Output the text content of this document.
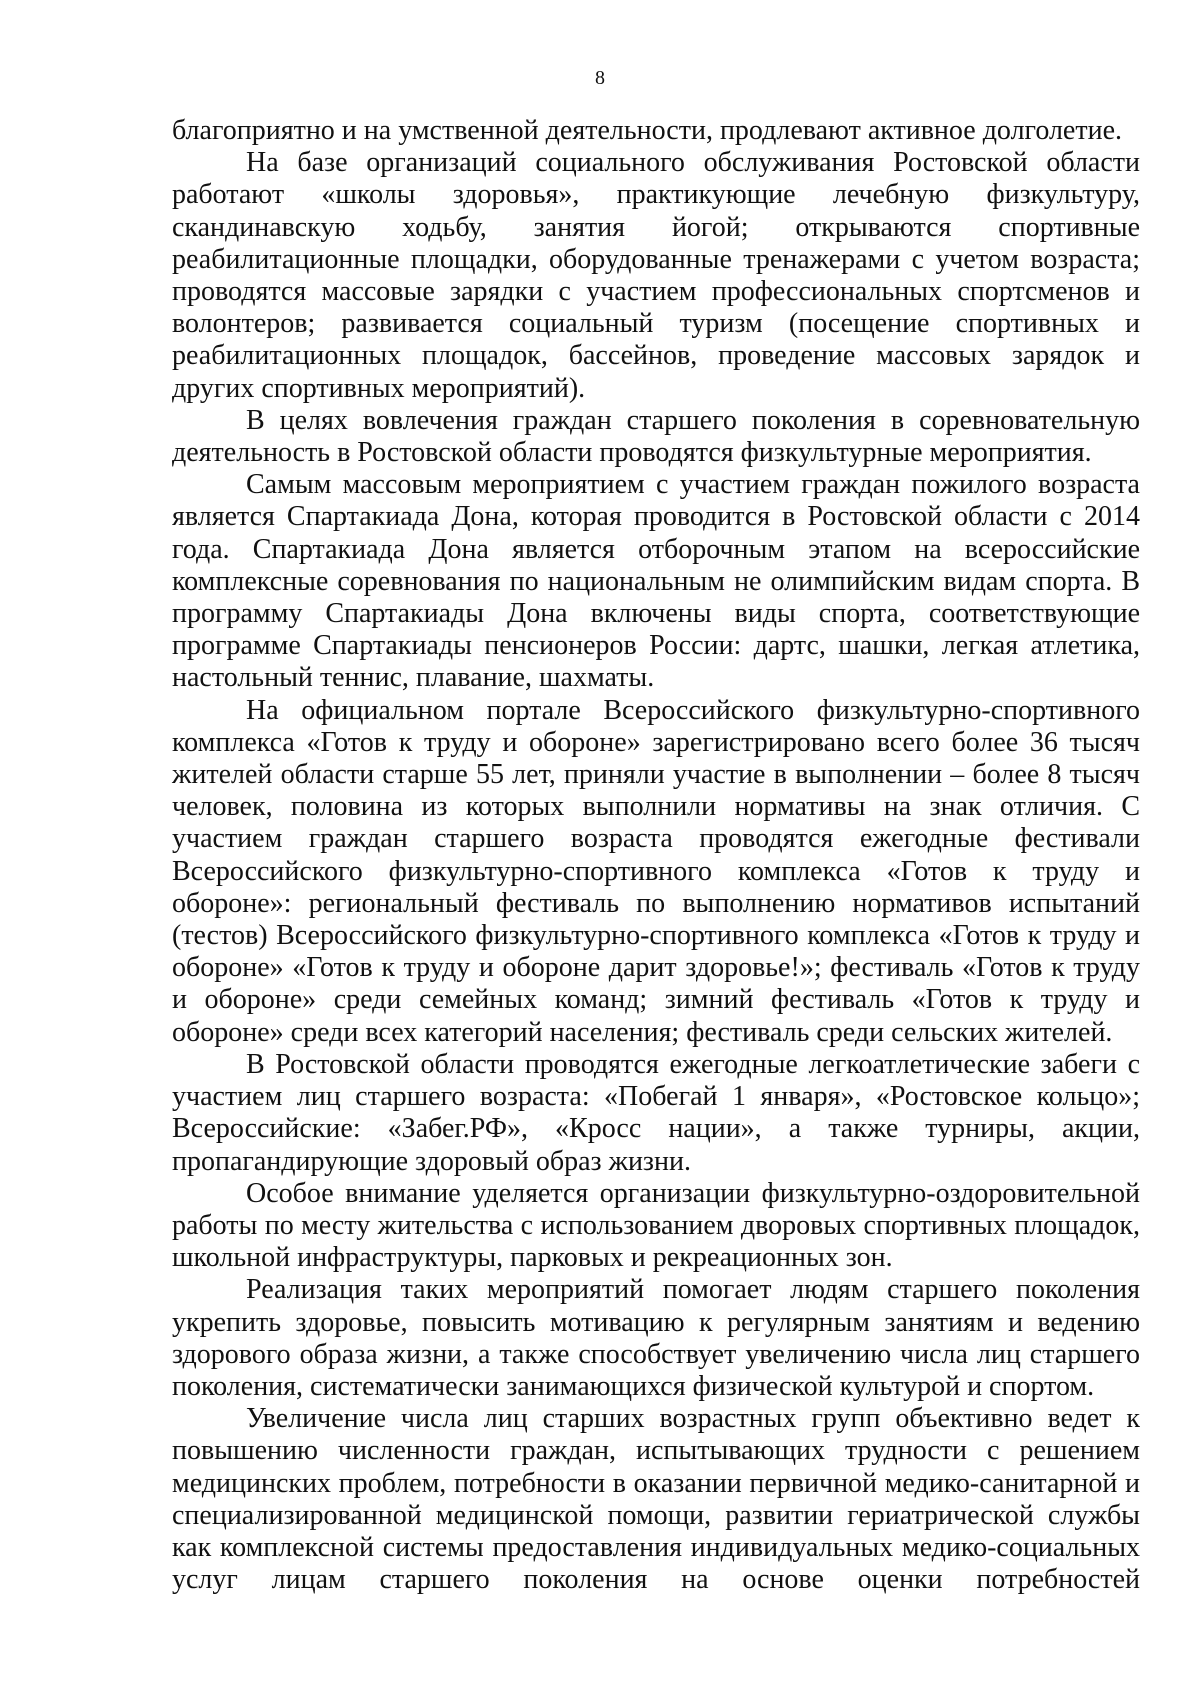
8

благоприятно и на умственной деятельности, продлевают активное долголетие.

На базе организаций социального обслуживания Ростовской области работают «школы здоровья», практикующие лечебную физкультуру, скандинавскую ходьбу, занятия йогой; открываются спортивные реабилитационные площадки, оборудованные тренажерами с учетом возраста; проводятся массовые зарядки с участием профессиональных спортсменов и волонтеров; развивается социальный туризм (посещение спортивных и реабилитационных площадок, бассейнов, проведение массовых зарядок и других спортивных мероприятий).

В целях вовлечения граждан старшего поколения в соревновательную деятельность в Ростовской области проводятся физкультурные мероприятия.

Самым массовым мероприятием с участием граждан пожилого возраста является Спартакиада Дона, которая проводится в Ростовской области с 2014 года. Спартакиада Дона является отборочным этапом на всероссийские комплексные соревнования по национальным не олимпийским видам спорта. В программу Спартакиады Дона включены виды спорта, соответствующие программе Спартакиады пенсионеров России: дартс, шашки, легкая атлетика, настольный теннис, плавание, шахматы.

На официальном портале Всероссийского физкультурно-спортивного комплекса «Готов к труду и обороне» зарегистрировано всего более 36 тысяч жителей области старше 55 лет, приняли участие в выполнении – более 8 тысяч человек, половина из которых выполнили нормативы на знак отличия. С участием граждан старшего возраста проводятся ежегодные фестивали Всероссийского физкультурно-спортивного комплекса «Готов к труду и обороне»: региональный фестиваль по выполнению нормативов испытаний (тестов) Всероссийского физкультурно-спортивного комплекса «Готов к труду и обороне» «Готов к труду и обороне дарит здоровье!»; фестиваль «Готов к труду и обороне» среди семейных команд; зимний фестиваль «Готов к труду и обороне» среди всех категорий населения; фестиваль среди сельских жителей.

В Ростовской области проводятся ежегодные легкоатлетические забеги с участием лиц старшего возраста: «Побегай 1 января», «Ростовское кольцо»; Всероссийские: «Забег.РФ», «Кросс нации», а также турниры, акции, пропагандирующие здоровый образ жизни.

Особое внимание уделяется организации физкультурно-оздоровительной работы по месту жительства с использованием дворовых спортивных площадок, школьной инфраструктуры, парковых и рекреационных зон.

Реализация таких мероприятий помогает людям старшего поколения укрепить здоровье, повысить мотивацию к регулярным занятиям и ведению здорового образа жизни, а также способствует увеличению числа лиц старшего поколения, систематически занимающихся физической культурой и спортом.

Увеличение числа лиц старших возрастных групп объективно ведет к повышению численности граждан, испытывающих трудности с решением медицинских проблем, потребности в оказании первичной медико-санитарной и специализированной медицинской помощи, развитии гериатрической службы как комплексной системы предоставления индивидуальных медико-социальных услуг лицам старшего поколения на основе оценки потребностей
